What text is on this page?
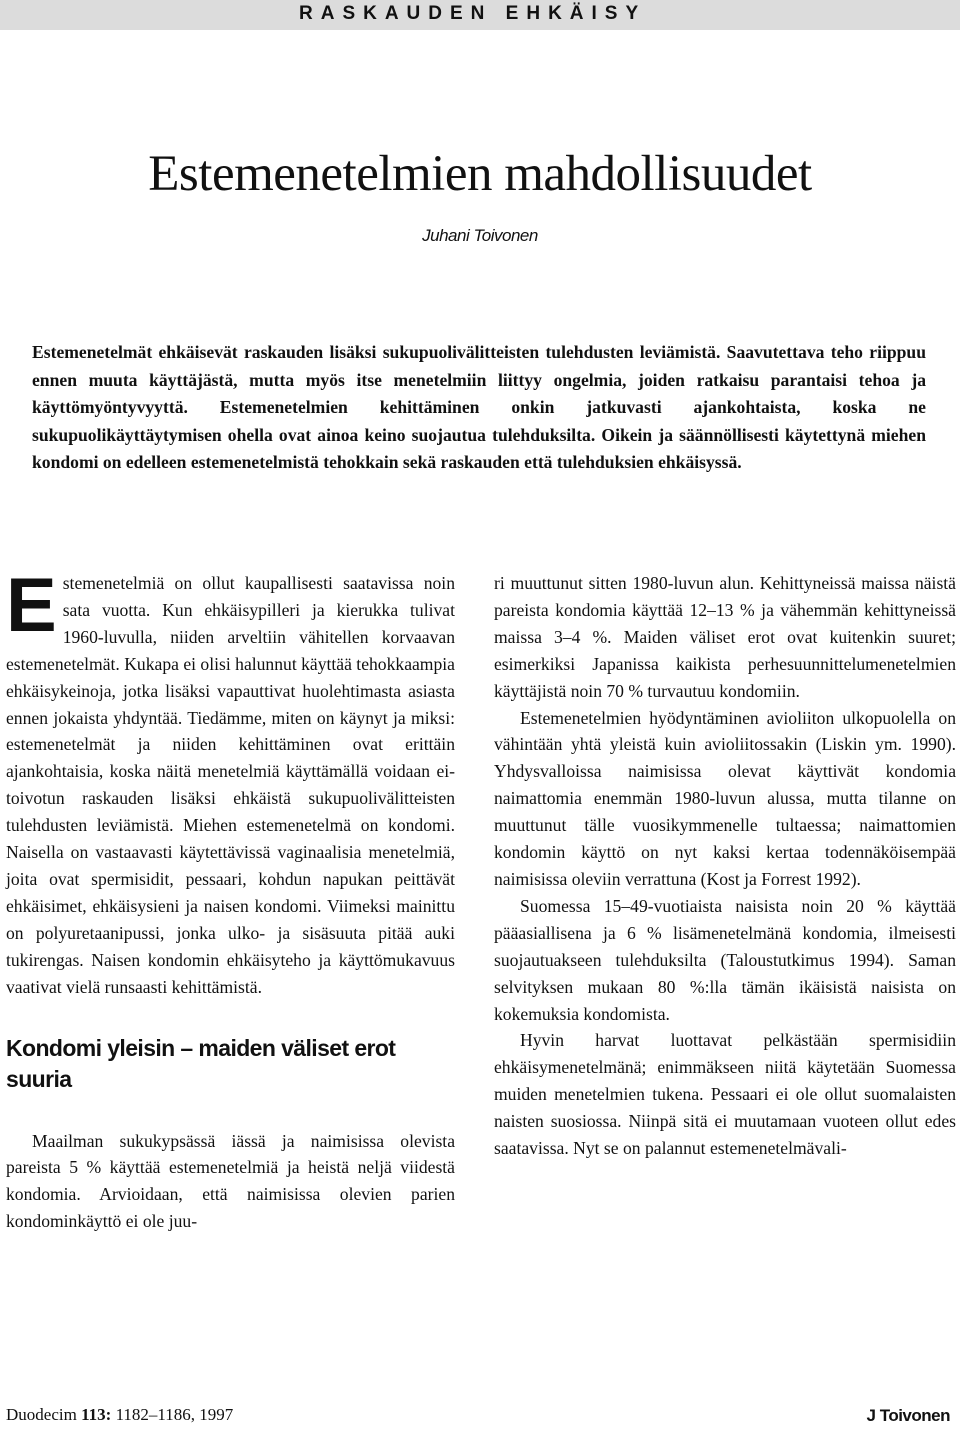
RASKAUDEN EHKÄISY
Estemenetelmien mahdollisuudet
Juhani Toivonen

Estemenetelmät ehkäisevät raskauden lisäksi sukupuolivälitteisten tulehdusten leviämistä. Saavutettava teho riippuu ennen muuta käyttäjästä, mutta myös itse menetelmiin liittyy ongelmia, joiden ratkaisu parantaisi tehoa ja käyttömyöntyvyyttä. Estemenetelmien kehittäminen onkin jatkuvasti ajankohtaista, koska ne sukupuolikäyttäytymisen ohella ovat ainoa keino suojautua tulehduksilta. Oikein ja säännöllisesti käytettynä miehen kondomi on edelleen estemenetelmistä tehokkain sekä raskauden että tulehduksien ehkäisyssä.

Estemenetelmiä on ollut kaupallisesti saatavissa noin sata vuotta. Kun ehkäisypilleri ja kierukka tulivat 1960-luvulla, niiden arveltiin vähitellen korvaavan estemenetelmät. Kukapa ei olisi halunnut käyttää tehokkaampia ehkäisykeinoja, jotka lisäksi vapauttivat huolehtimasta asiasta ennen jokaista yhdyntää. Tiedämme, miten on käynyt ja miksi: estemenetelmät ja niiden kehittäminen ovat erittäin ajankohtaisia, koska näitä menetelmiä käyttämällä voidaan ei-toivotun raskauden lisäksi ehkäistä sukupuolivälitteisten tulehdusten leviämistä. Miehen estemenetelmä on kondomi. Naisella on vastaavasti käytettävissä vaginaalisia menetelmiä, joita ovat spermisidit, pessaari, kohdun napukan peittävät ehkäisimet, ehkäisysieni ja naisen kondomi. Viimeksi mainittu on polyuretaanipussi, jonka ulko- ja sisäsuuta pitää auki tukirengas. Naisen kondomin ehkäisyteho ja käyttömukavuus vaativat vielä runsaasti kehittämistä.

Kondomi yleisin – maiden väliset erot suuria

Maailman sukukypsässä iässä ja naimisissa olevista pareista 5 % käyttää estemenetelmiä ja heistä neljä viidestä kondomia. Arvioidaan, että naimisissa olevien parien kondominkäyttö ei ole juu-

ri muuttunut sitten 1980-luvun alun. Kehittyneissä maissa näistä pareista kondomia käyttää 12–13 % ja vähemmän kehittyneissä maissa 3–4 %. Maiden väliset erot ovat kuitenkin suuret; esimerkiksi Japanissa kaikista perhesuunnittelumenetelmien käyttäjistä noin 70 % turvautuu kondomiin.

Estemenetelmien hyödyntäminen avioliiton ulkopuolella on vähintään yhtä yleistä kuin avioliitossakin (Liskin ym. 1990). Yhdysvalloissa naimisissa olevat käyttivät kondomia naimattomia enemmän 1980-luvun alussa, mutta tilanne on muuttunut tälle vuosikymmenelle tultaessa; naimattomien kondomin käyttö on nyt kaksi kertaa todennäköisempää naimisissa oleviin verrattuna (Kost ja Forrest 1992).

Suomessa 15–49-vuotiaista naisista noin 20 % käyttää pääasiallisena ja 6 % lisämenetelmänä kondomia, ilmeisesti suojautuakseen tulehduksilta (Taloustutkimus 1994). Saman selvityksen mukaan 80 %:lla tämän ikäisistä naisista on kokemuksia kondomista.

Hyvin harvat luottavat pelkästään spermisidiin ehkäisymenetelmänä; enimmäkseen niitä käytetään Suomessa muiden menetelmien tukena. Pessaari ei ole ollut suomalaisten naisten suosiossa. Niinpä sitä ei muutamaan vuoteen ollut edes saatavissa. Nyt se on palannut estemenetelmävali-

Duodecim 113: 1182–1186, 1997	J Toivonen
